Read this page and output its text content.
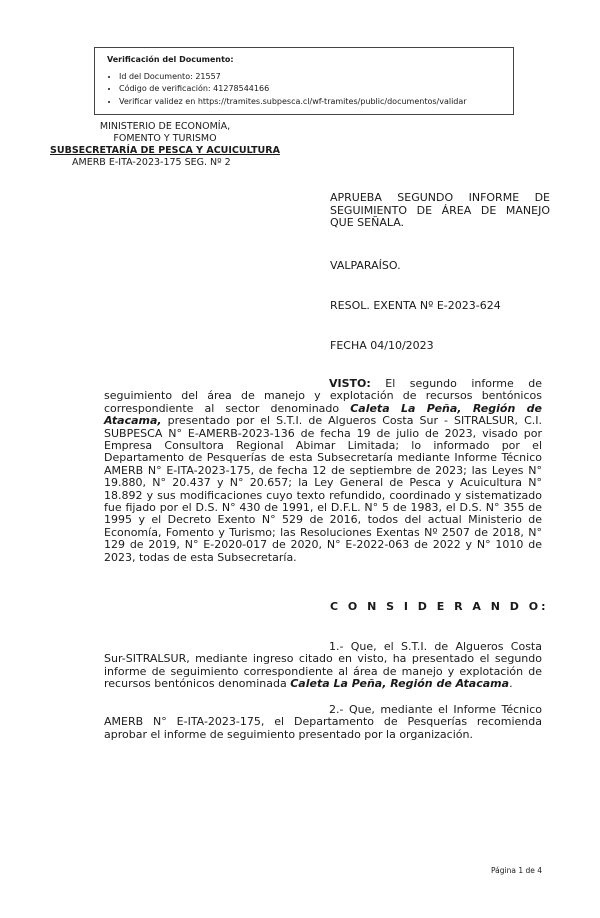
Verificación del Documento:
• Id del Documento: 21557
• Código de verificación: 41278544166
• Verificar validez en https://tramites.subpesca.cl/wf-tramites/public/documentos/validar
MINISTERIO DE ECONOMÍA,
FOMENTO Y TURISMO
SUBSECRETARÍA DE PESCA Y ACUICULTURA
AMERB E-ITA-2023-175 SEG. Nº 2
APRUEBA SEGUNDO INFORME DE SEGUIMIENTO DE ÁREA DE MANEJO QUE SEÑALA.
VALPARAÍSO.
RESOL. EXENTA Nº E-2023-624
FECHA 04/10/2023

VISTO: El segundo informe de seguimiento del área de manejo y explotación de recursos bentónicos correspondiente al sector denominado Caleta La Peña, Región de Atacama, presentado por el S.T.I. de Algueros Costa Sur - SITRALSUR, C.I. SUBPESCA N° E-AMERB-2023-136 de fecha 19 de julio de 2023, visado por Empresa Consultora Regional Abimar Limitada; lo informado por el Departamento de Pesquerías de esta Subsecretaría mediante Informe Técnico AMERB N° E-ITA-2023-175, de fecha 12 de septiembre de 2023; las Leyes N° 19.880, N° 20.437 y N° 20.657; la Ley General de Pesca y Acuicultura N° 18.892 y sus modificaciones cuyo texto refundido, coordinado y sistematizado fue fijado por el D.S. N° 430 de 1991, el D.F.L. N° 5 de 1983, el D.S. N° 355 de 1995 y el Decreto Exento N° 529 de 2016, todos del actual Ministerio de Economía, Fomento y Turismo; las Resoluciones Exentas Nº 2507 de 2018, N° 129 de 2019, N° E-2020-017 de 2020, N° E-2022-063 de 2022 y N° 1010 de 2023, todas de esta Subsecretaría.

C O N S I D E R A N D O:

1.- Que, el S.T.I. de Algueros Costa Sur-SITRALSUR, mediante ingreso citado en visto, ha presentado el segundo informe de seguimiento correspondiente al área de manejo y explotación de recursos bentónicos denominada Caleta La Peña, Región de Atacama.

2.- Que, mediante el Informe Técnico AMERB N° E-ITA-2023-175, el Departamento de Pesquerías recomienda aprobar el informe de seguimiento presentado por la organización.

Página 1 de 4
